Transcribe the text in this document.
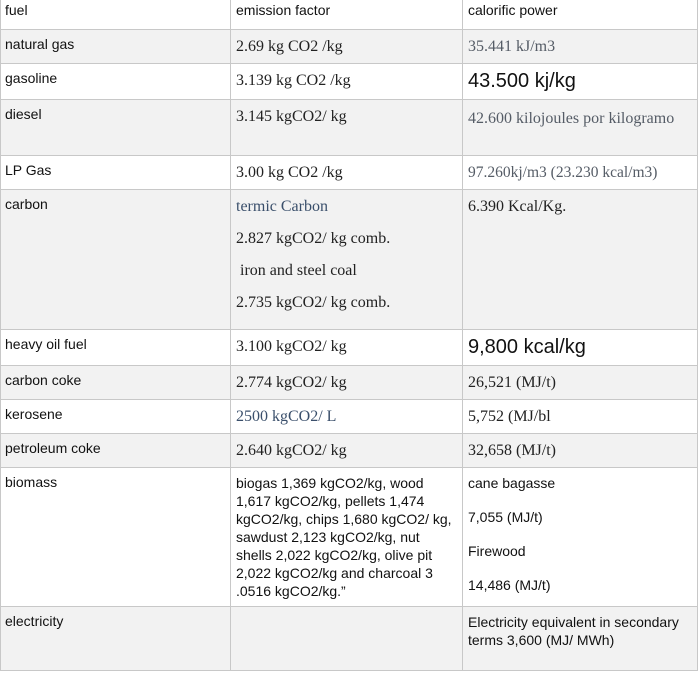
fuel	emission factor	calorific power
natural gas	2.69 kg CO2 /kg	35.441 kJ/m3
gasoline	3.139 kg CO2 /kg	43.500 kj/kg
diesel	3.145 kgCO2/ kg	42.600 kilojoules por kilogramo
LP Gas	3.00 kg CO2 /kg	97.260kj/m3 (23.230 kcal/m3)
carbon	termic Carbon
2.827 kgCO2/ kg comb.
iron and steel coal
2.735 kgCO2/ kg comb.	6.390 Kcal/Kg.
heavy oil fuel	3.100 kgCO2/ kg	9,800 kcal/kg
carbon coke	2.774 kgCO2/ kg	26,521 (MJ/t)
kerosene	2500 kgCO2/ L	5,752 (MJ/bl
petroleum coke	2.640 kgCO2/ kg	32,658 (MJ/t)
biomass	biogas 1,369 kgCO2/kg, wood 1,617 kgCO2/kg, pellets 1,474 kgCO2/kg, chips 1,680 kgCO2/ kg, sawdust 2,123 kgCO2/kg, nut shells 2,022 kgCO2/kg, olive pit 2,022 kgCO2/kg and charcoal 3 .0516 kgCO2/kg.”	cane bagasse
7,055 (MJ/t)
Firewood
14,486 (MJ/t)

electricity		Electricity equivalent in secondary terms 3,600 (MJ/ MWh)
